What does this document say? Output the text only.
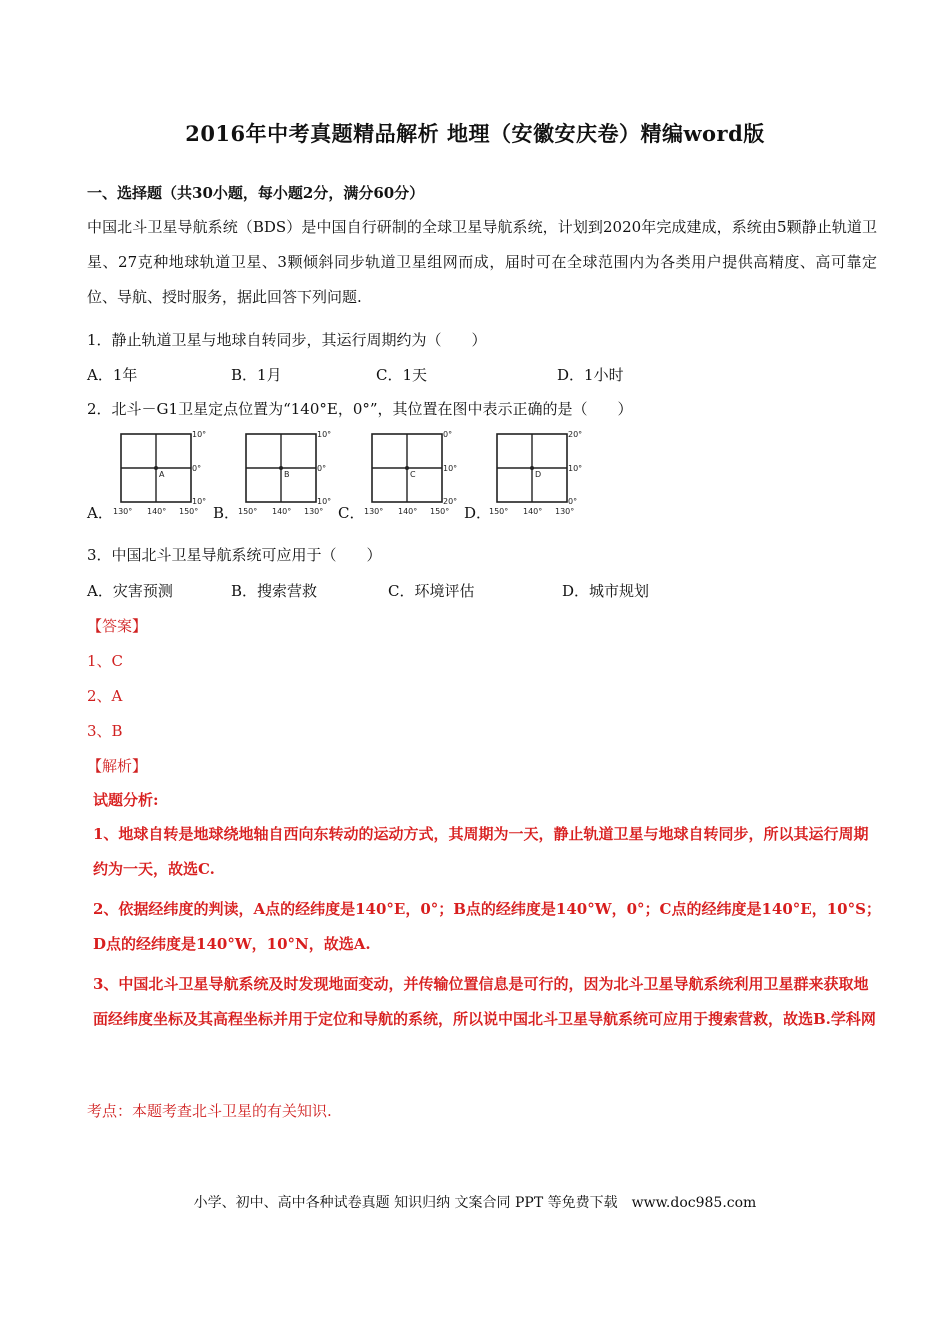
2016年中考真题精品解析 地理（安徽安庆卷）精编word版
一、选择题（共30小题，每小题2分，满分60分）
中国北斗卫星导航系统（BDS）是中国自行研制的全球卫星导航系统，计划到2020年完成建成，系统由5颗静止轨道卫星、27克种地球轨道卫星、3颗倾斜同步轨道卫星组网而成，届时可在全球范围内为各类用户提供高精度、高可靠定位、导航、授时服务，据此回答下列问题.
1．静止轨道卫星与地球自转同步，其运行周期约为（　　）
A．1年	B．1月	C．1天	D．1小时
2．北斗－G1卫星定点位置为“140°E，0°”，其位置在图中表示正确的是（　　）
A．	B．	C．	D．
A
10°
0°
10°
130° 140° 150°
B
10°
0°
10°
150° 140° 130°
C
0°
10°
20°
130° 140° 150°
D
20°
10°
0°
150° 140° 130°
3．中国北斗卫星导航系统可应用于（　　）
A．灾害预测	B．搜索营救	C．环境评估	D．城市规划
【答案】
1、C
2、A
3、B
【解析】
试题分析:
1、地球自转是地球绕地轴自西向东转动的运动方式，其周期为一天，静止轨道卫星与地球自转同步，所以其运行周期约为一天，故选C.
2、依据经纬度的判读，A点的经纬度是140°E，0°；B点的经纬度是140°W，0°；C点的经纬度是140°E，10°S；D点的经纬度是140°W，10°N，故选A.
3、中国北斗卫星导航系统及时发现地面变动，并传输位置信息是可行的，因为北斗卫星导航系统利用卫星群来获取地面经纬度坐标及其高程坐标并用于定位和导航的系统，所以说中国北斗卫星导航系统可应用于搜索营救，故选B.学科网
考点：本题考查北斗卫星的有关知识.
小学、初中、高中各种试卷真题 知识归纳 文案合同 PPT 等免费下载　www.doc985.com
